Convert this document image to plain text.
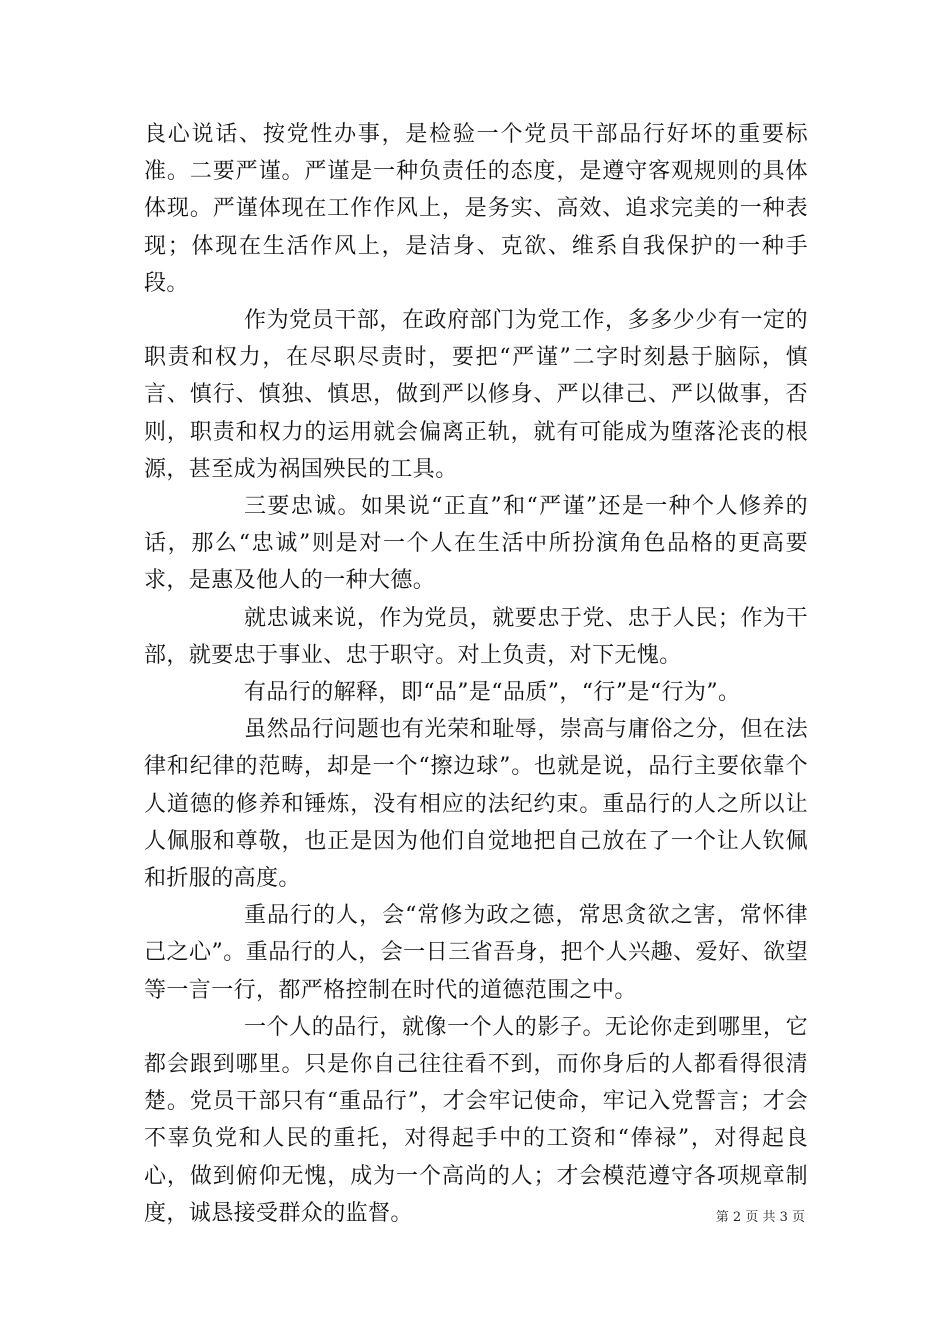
良心说话、按党性办事，是检验一个党员干部品行好坏的重要标准。二要严谨。严谨是一种负责任的态度，是遵守客观规则的具体体现。严谨体现在工作作风上，是务实、高效、追求完美的一种表现；体现在生活作风上，是洁身、克欲、维系自我保护的一种手段。

作为党员干部，在政府部门为党工作，多多少少有一定的职责和权力，在尽职尽责时，要把“严谨”二字时刻悬于脑际，慎言、慎行、慎独、慎思，做到严以修身、严以律己、严以做事，否则，职责和权力的运用就会偏离正轨，就有可能成为堕落沦丧的根源，甚至成为祸国殃民的工具。

三要忠诚。如果说“正直”和“严谨”还是一种个人修养的话，那么“忠诚”则是对一个人在生活中所扮演角色品格的更高要求，是惠及他人的一种大德。

就忠诚来说，作为党员，就要忠于党、忠于人民；作为干部，就要忠于事业、忠于职守。对上负责，对下无愧。

有品行的解释，即“品”是“品质”，“行”是“行为”。

虽然品行问题也有光荣和耻辱，崇高与庸俗之分，但在法律和纪律的范畴，却是一个“擦边球”。也就是说，品行主要依靠个人道德的修养和锤炼，没有相应的法纪约束。重品行的人之所以让人佩服和尊敬，也正是因为他们自觉地把自己放在了一个让人钦佩和折服的高度。

重品行的人，会“常修为政之德，常思贪欲之害，常怀律己之心”。重品行的人，会一日三省吾身，把个人兴趣、爱好、欲望等一言一行，都严格控制在时代的道德范围之中。

一个人的品行，就像一个人的影子。无论你走到哪里，它都会跟到哪里。只是你自己往往看不到，而你身后的人都看得很清楚。党员干部只有“重品行”，才会牢记使命，牢记入党誓言；才会不辜负党和人民的重托，对得起手中的工资和“俸禄”，对得起良心，做到俯仰无愧，成为一个高尚的人；才会模范遵守各项规章制度，诚恳接受群众的监督。	第 2 页 共 3 页
